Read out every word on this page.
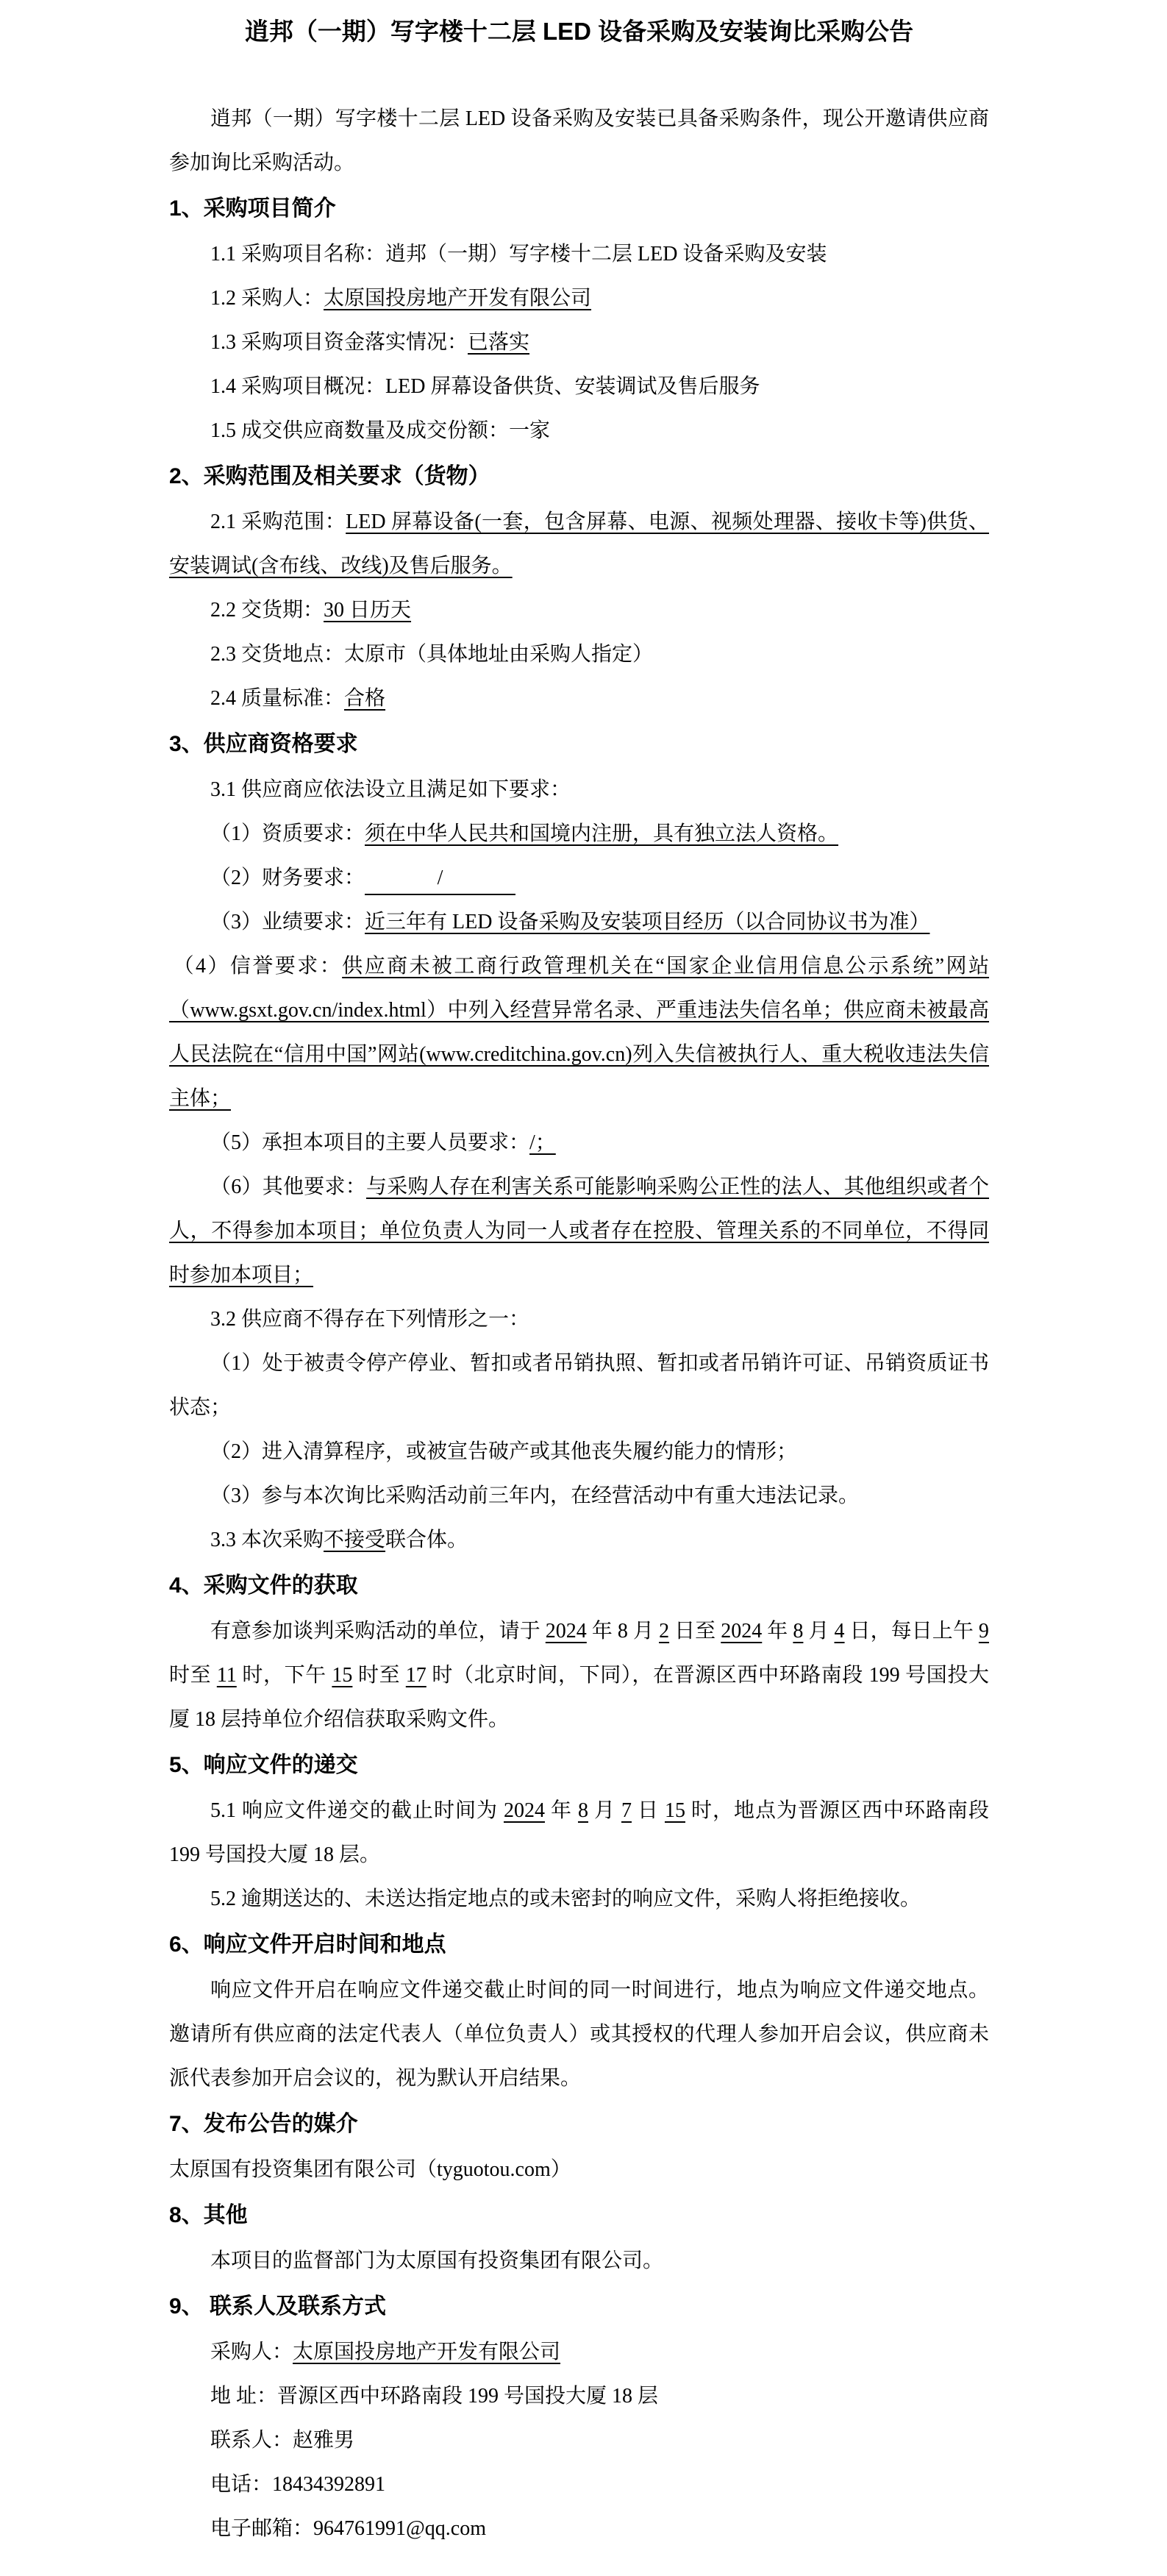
逍邦（一期）写字楼十二层 LED 设备采购及安装询比采购公告

逍邦（一期）写字楼十二层 LED 设备采购及安装已具备采购条件，现公开邀请供应商参加询比采购活动。

1、采购项目简介

1.1 采购项目名称：逍邦（一期）写字楼十二层 LED 设备采购及安装

1.2 采购人：太原国投房地产开发有限公司

1.3 采购项目资金落实情况：已落实

1.4 采购项目概况：LED 屏幕设备供货、安装调试及售后服务

1.5 成交供应商数量及成交份额：一家

2、采购范围及相关要求（货物）

2.1 采购范围：LED 屏幕设备(一套，包含屏幕、电源、视频处理器、接收卡等)供货、安装调试(含布线、改线)及售后服务。

2.2 交货期：30 日历天

2.3 交货地点：太原市（具体地址由采购人指定）

2.4 质量标准：合格

3、供应商资格要求

3.1 供应商应依法设立且满足如下要求：

（1）资质要求：须在中华人民共和国境内注册，具有独立法人资格。

（2）财务要求：	/

（3）业绩要求：近三年有 LED 设备采购及安装项目经历（以合同协议书为准）

（4）信誉要求：供应商未被工商行政管理机关在“国家企业信用信息公示系统”网站（www.gsxt.gov.cn/index.html）中列入经营异常名录、严重违法失信名单；供应商未被最高人民法院在“信用中国”网站(www.creditchina.gov.cn)列入失信被执行人、重大税收违法失信主体；

（5）承担本项目的主要人员要求：/；

（6）其他要求：与采购人存在利害关系可能影响采购公正性的法人、其他组织或者个人，不得参加本项目；单位负责人为同一人或者存在控股、管理关系的不同单位，不得同时参加本项目；

3.2 供应商不得存在下列情形之一：

（1）处于被责令停产停业、暂扣或者吊销执照、暂扣或者吊销许可证、吊销资质证书状态；

（2）进入清算程序，或被宣告破产或其他丧失履约能力的情形；

（3）参与本次询比采购活动前三年内，在经营活动中有重大违法记录。

3.3 本次采购不接受联合体。

4、采购文件的获取

有意参加谈判采购活动的单位，请于 2024 年 8 月 2 日至 2024 年 8 月 4 日，每日上午 9 时至 11 时，下午 15 时至 17 时（北京时间，下同），在晋源区西中环路南段 199 号国投大厦 18 层持单位介绍信获取采购文件。

5、响应文件的递交

5.1 响应文件递交的截止时间为 2024 年 8 月 7 日 15 时，地点为晋源区西中环路南段 199 号国投大厦 18 层。

5.2 逾期送达的、未送达指定地点的或未密封的响应文件，采购人将拒绝接收。

6、响应文件开启时间和地点

响应文件开启在响应文件递交截止时间的同一时间进行，地点为响应文件递交地点。邀请所有供应商的法定代表人（单位负责人）或其授权的代理人参加开启会议，供应商未派代表参加开启会议的，视为默认开启结果。

7、发布公告的媒介

太原国有投资集团有限公司（tyguotou.com）

8、其他

本项目的监督部门为太原国有投资集团有限公司。

9、 联系人及联系方式

采购人：太原国投房地产开发有限公司

地 址：晋源区西中环路南段 199 号国投大厦 18 层

联系人：赵雅男

电话：18434392891

电子邮箱：964761991@qq.com
